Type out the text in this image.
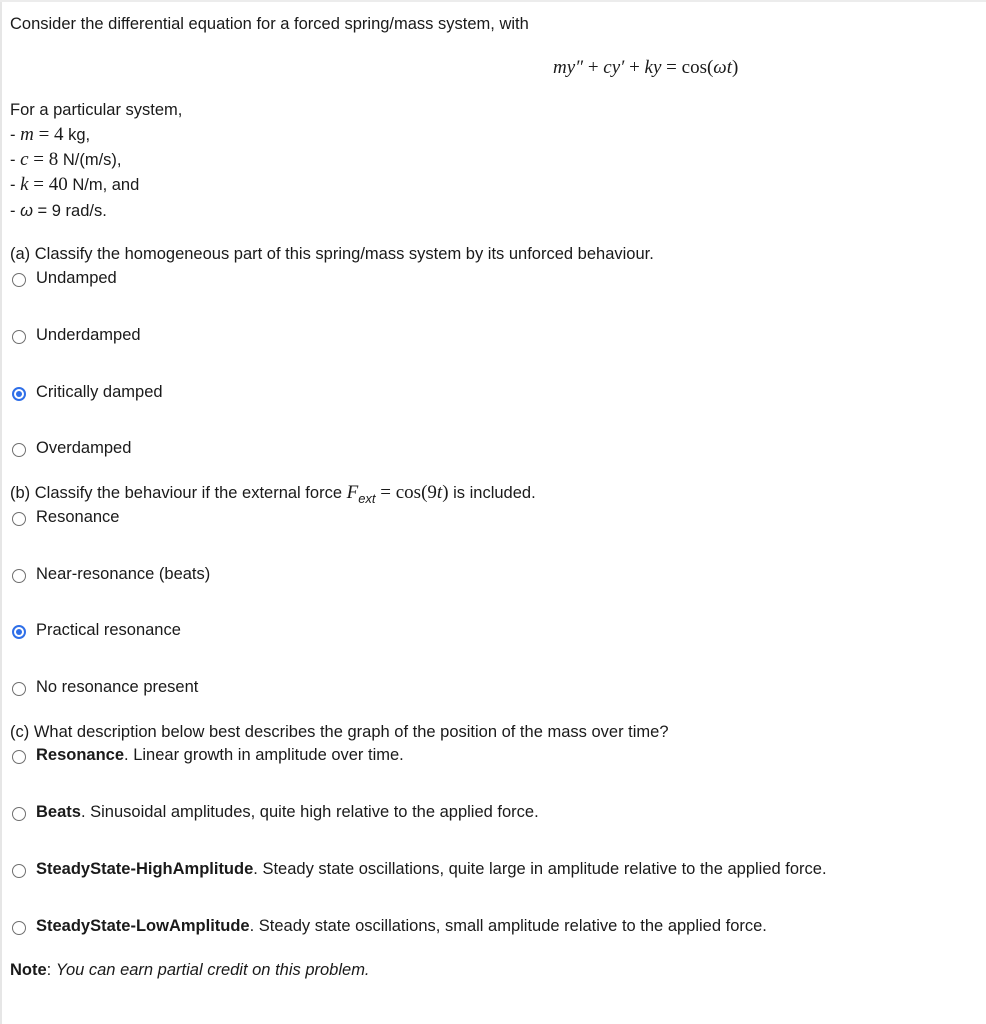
Consider the differential equation for a forced spring/mass system, with
my″ + cy′ + ky = cos(ωt)
For a particular system,
- m = 4 kg,
- c = 8 N/(m/s),
- k = 40 N/m, and
- ω = 9 rad/s.
(a) Classify the homogeneous part of this spring/mass system by its unforced behaviour.
Undamped
Underdamped
Critically damped
Overdamped
(b) Classify the behaviour if the external force $F_{ext} = \cos(9t)$ is included.
Resonance
Near-resonance (beats)
Practical resonance
No resonance present
(c) What description below best describes the graph of the position of the mass over time?
Resonance. Linear growth in amplitude over time.
Beats. Sinusoidal amplitudes, quite high relative to the applied force.
SteadyState-HighAmplitude. Steady state oscillations, quite large in amplitude relative to the applied force.
SteadyState-LowAmplitude. Steady state oscillations, small amplitude relative to the applied force.
Note: You can earn partial credit on this problem.
